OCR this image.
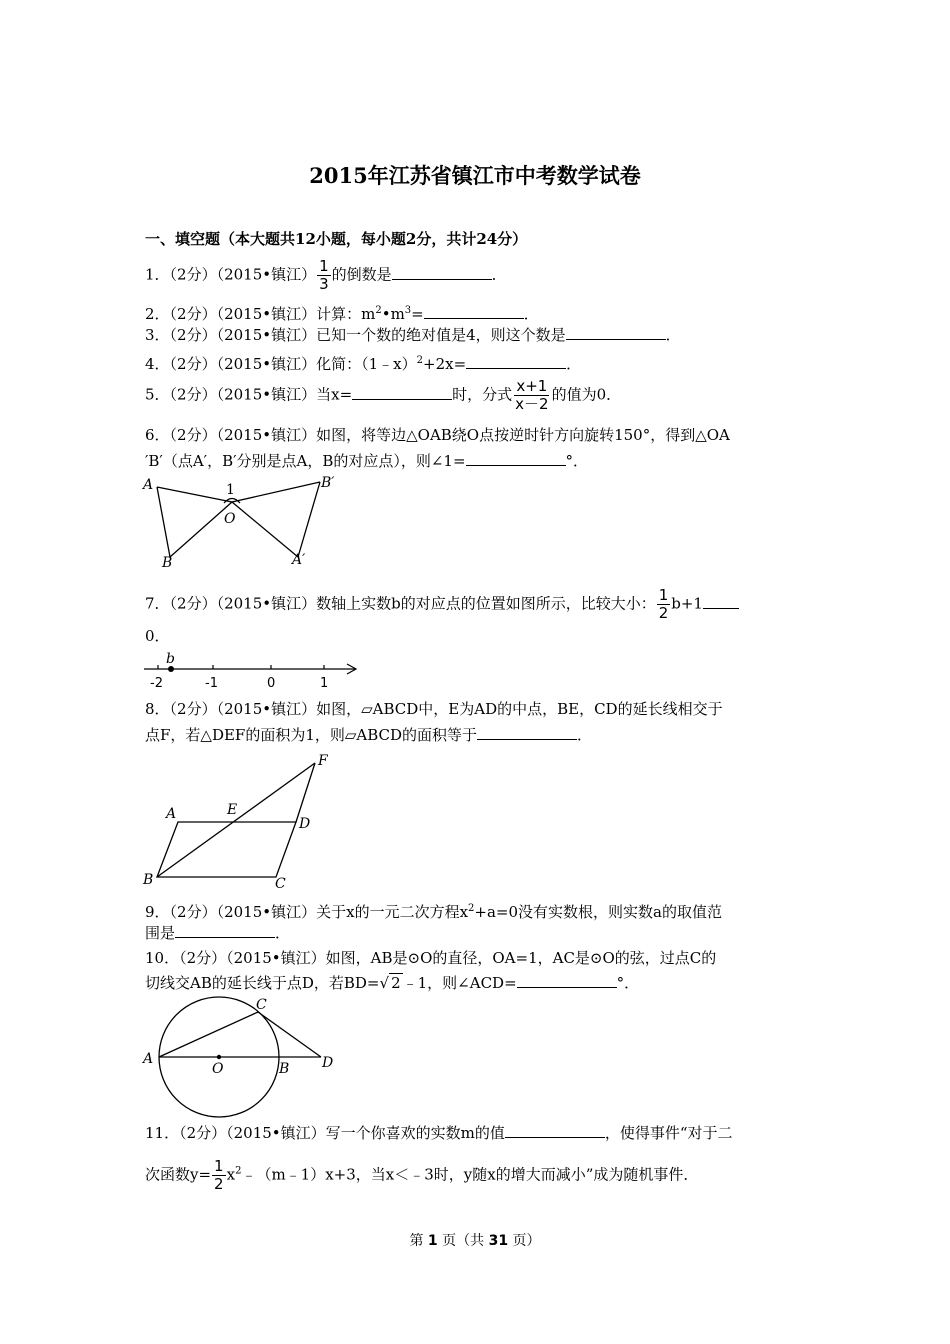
2015年江苏省镇江市中考数学试卷
一、填空题（本大题共12小题，每小题2分，共计24分）
1．（2分）（2015•镇江） $\frac{1}{3}$ 的倒数是	．
2．（2分）（2015•镇江）计算：$m^2•m^3=$	．
3．（2分）（2015•镇江）已知一个数的绝对值是4，则这个数是	．
4．（2分）（2015•镇江）化简：（1﹣x）$^2$+2x=	．
5．（2分）（2015•镇江）当x=	时，分式 $\frac{x+1}{x-2}$ 的值为0．
6．（2分）（2015•镇江）如图，将等边△OAB绕O点按逆时针方向旋转150°，得到△OA
′B′（点A′，B′分别是点A，B的对应点），则∠1=	°．
A
B
O
1	B′
A′
7．（2分）（2015•镇江）数轴上实数b的对应点的位置如图所示，比较大小： $\frac{1}{2} b+1$
0．
b
-2	-1	0	1
8．（2分）（2015•镇江）如图，▱ABCD中，E为AD的中点，BE，CD的延长线相交于
点F，若△DEF的面积为1，则▱ABCD的面积等于	．
A	E
D
F
B	C
9．（2分）（2015•镇江）关于x的一元二次方程$x^2+a=0$没有实数根，则实数a的取值范
围是	．
10．（2分）（2015•镇江）如图，AB是⊙O的直径，OA=1，AC是⊙O的弦，过点C的
切线交AB的延长线于点D，若BD=√ 2 ﹣1，则∠ACD=	°．
A
O	B
C
D
11．（2分）（2015•镇江）写一个你喜欢的实数m的值	，使得事件“对于二
次函数$y= \frac{1}{2}$ $x^2﹣(m﹣1)x+3$，当x＜﹣3时，y随x的增大而减小”成为随机事件．
第 1 页（共 31 页）
